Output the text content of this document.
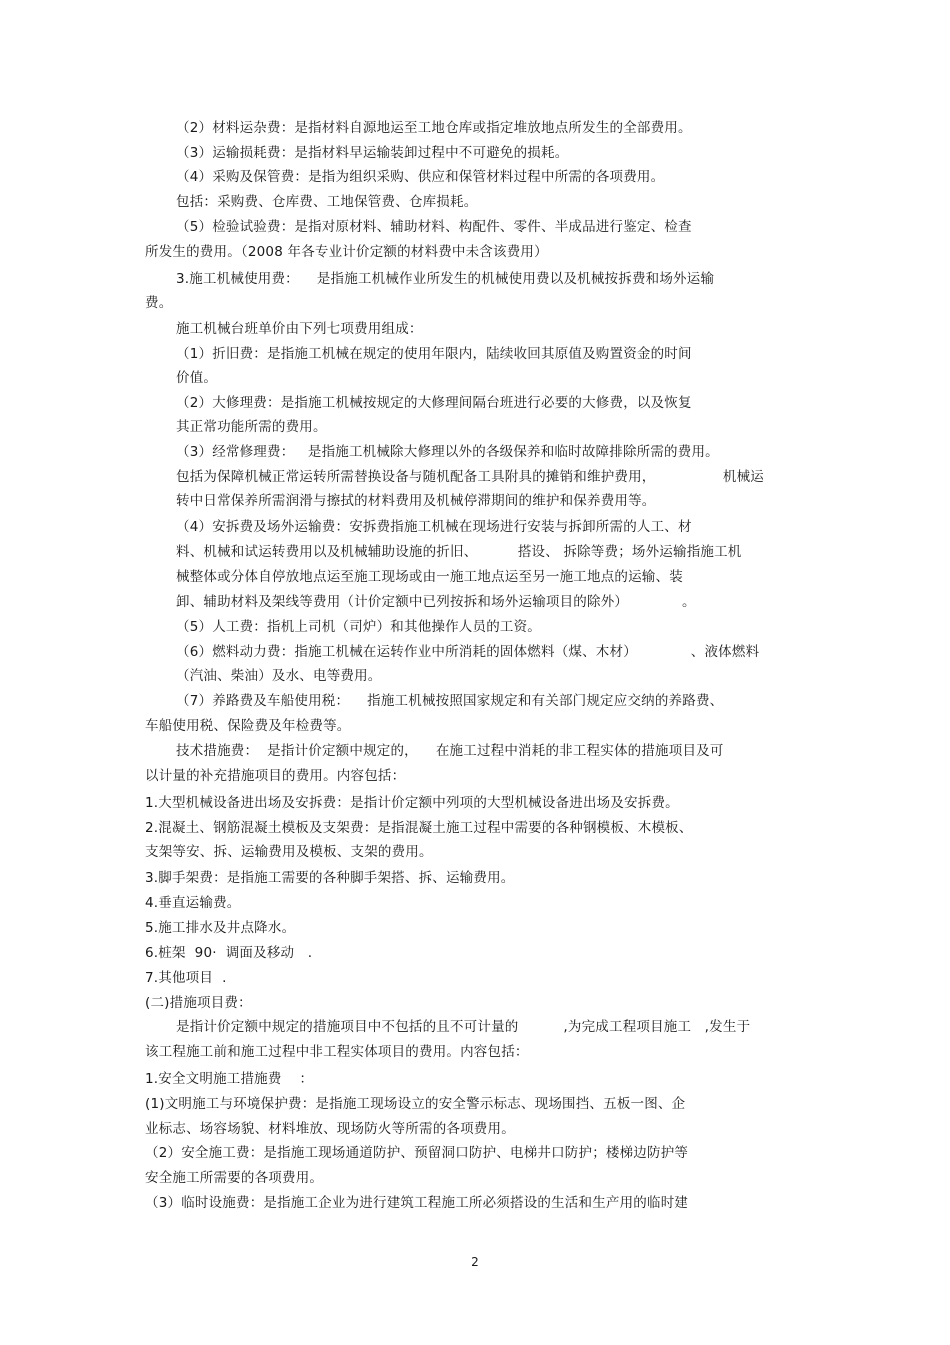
（2）材料运杂费：是指材料自源地运至工地仓库或指定堆放地点所发生的全部费用。
（3）运输损耗费：是指材料早运输装卸过程中不可避免的损耗。
（4）采购及保管费：是指为组织采购、供应和保管材料过程中所需的各项费用。
包括：采购费、仓库费、工地保管费、仓库损耗。
（5）检验试验费：是指对原材料、辅助材料、构配件、零件、半成品进行鉴定、检查
所发生的费用。（2008 年各专业计价定额的材料费中未含该费用）
3.施工机械使用费：    是指施工机械作业所发生的机械使用费以及机械按拆费和场外运输
费。
施工机械台班单价由下列七项费用组成：
（1）折旧费：是指施工机械在规定的使用年限内，陆续收回其原值及购置资金的时间
价值。
（2）大修理费：是指施工机械按规定的大修理间隔台班进行必要的大修费，以及恢复
其正常功能所需的费用。
（3）经常修理费：   是指施工机械除大修理以外的各级保养和临时故障排除所需的费用。
包括为保障机械正常运转所需替换设备与随机配备工具附具的摊销和维护费用，               机械运
转中日常保养所需润滑与擦拭的材料费用及机械停滞期间的维护和保养费用等。
（4）安拆费及场外运输费：安拆费指施工机械在现场进行安装与拆卸所需的人工、材
料、机械和试运转费用以及机械辅助设施的折旧、         搭设、 拆除等费；场外运输指施工机
械整体或分体自停放地点运至施工现场或由一施工地点运至另一施工地点的运输、装
卸、辅助材料及架线等费用（计价定额中已列按拆和场外运输项目的除外）            。
（5）人工费：指机上司机（司炉）和其他操作人员的工资。
（6）燃料动力费：指施工机械在运转作业中所消耗的固体燃料（煤、木材）            、液体燃料
（汽油、柴油）及水、电等费用。
（7）养路费及车船使用税：    指施工机械按照国家规定和有关部门规定应交纳的养路费、
车船使用税、保险费及年检费等。
技术措施费：  是指计价定额中规定的，    在施工过程中消耗的非工程实体的措施项目及可
以计量的补充措施项目的费用。内容包括：
1.大型机械设备进出场及安拆费：是指计价定额中列项的大型机械设备进出场及安拆费。
2.混凝土、钢筋混凝土模板及支架费：是指混凝土施工过程中需要的各种钢模板、木模板、
支架等安、拆、运输费用及模板、支架的费用。
3.脚手架费：是指施工需要的各种脚手架搭、拆、运输费用。
4.垂直运输费。
5.施工排水及井点降水。
6.桩架  90·  调面及移动   .
7.其他项目  .
(二)措施项目费：
是指计价定额中规定的措施项目中不包括的且不可计量的          ,为完成工程项目施工   ,发生于
该工程施工前和施工过程中非工程实体项目的费用。内容包括：
1.安全文明施工措施费    ：
(1)文明施工与环境保护费：是指施工现场设立的安全警示标志、现场围挡、五板一图、企
业标志、场容场貌、材料堆放、现场防火等所需的各项费用。
（2）安全施工费：是指施工现场通道防护、预留洞口防护、电梯井口防护；楼梯边防护等
安全施工所需要的各项费用。
（3）临时设施费：是指施工企业为进行建筑工程施工所必须搭设的生活和生产用的临时建
2
